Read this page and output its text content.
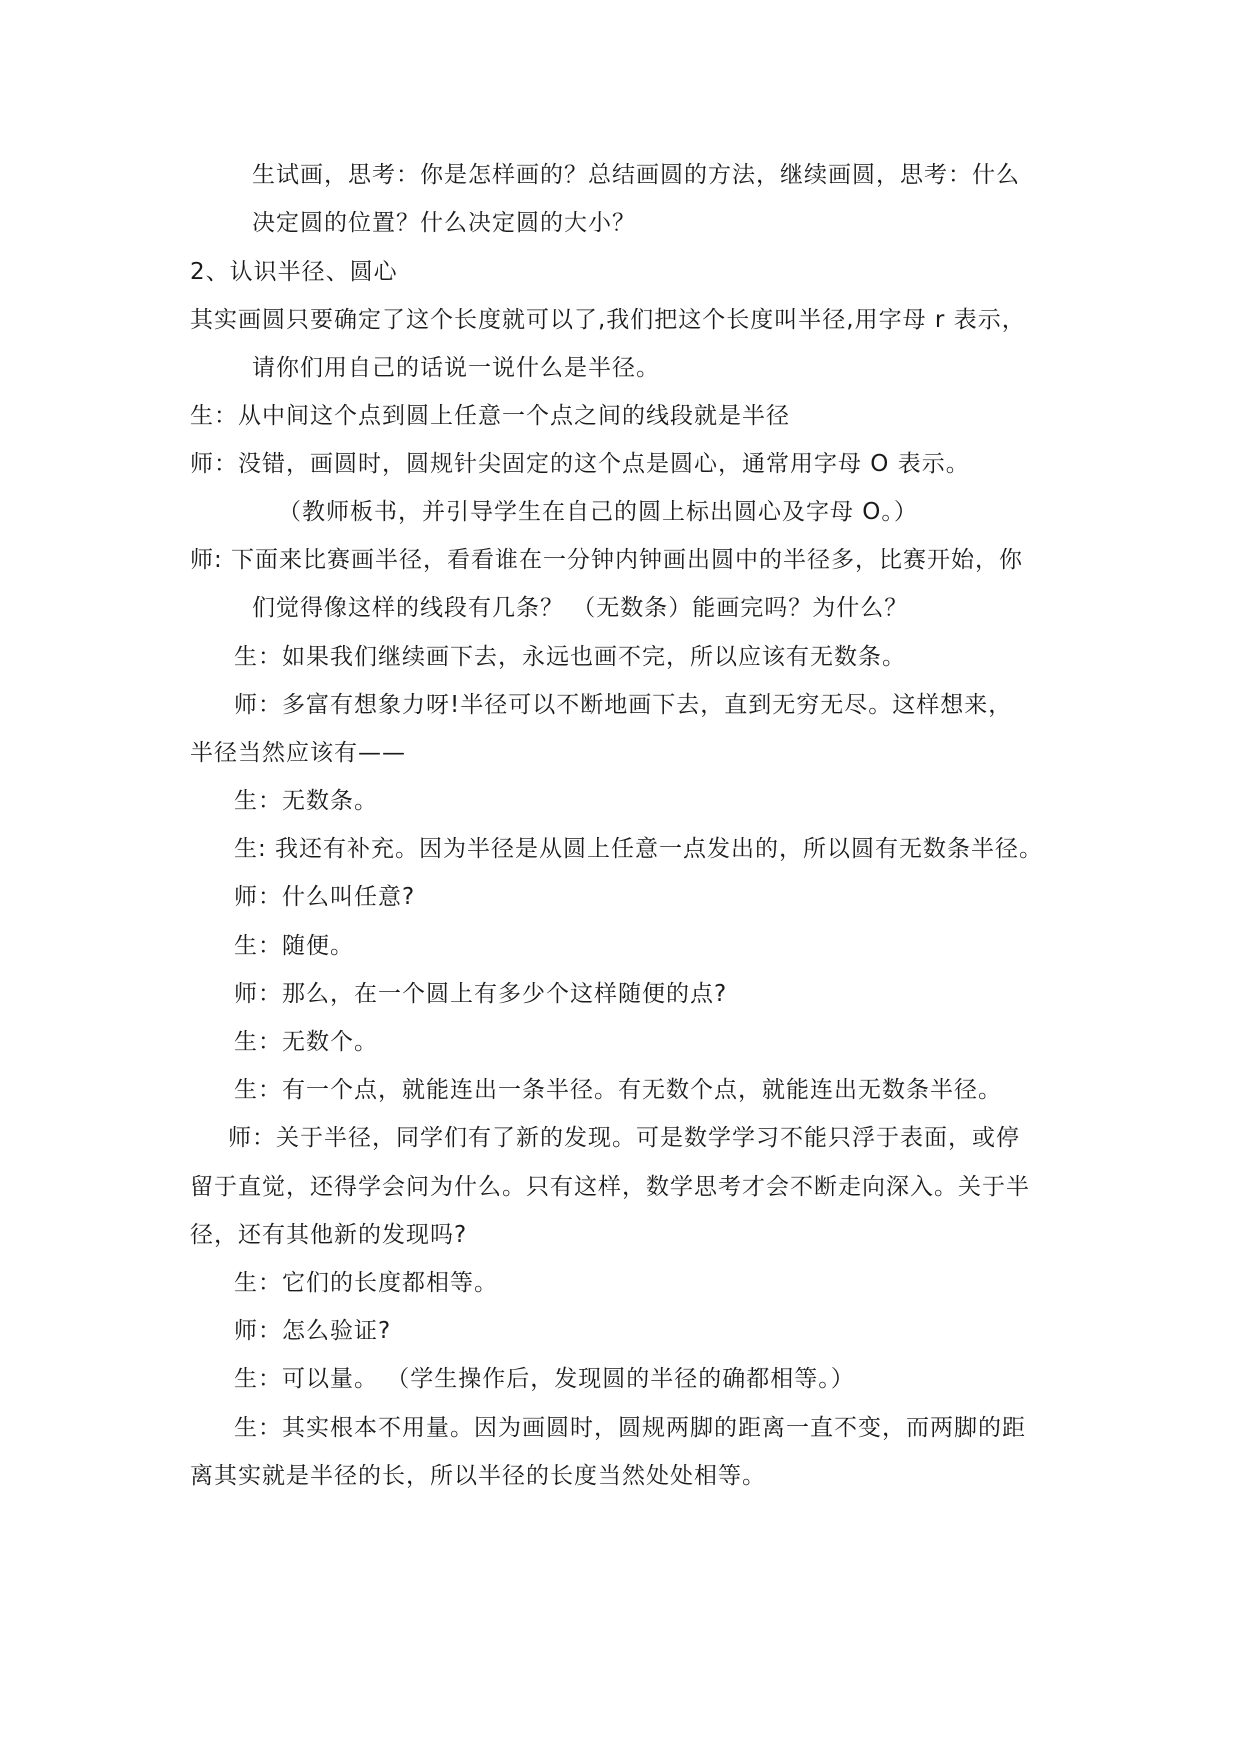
生试画，思考：你是怎样画的？总结画圆的方法，继续画圆，思考：什么
决定圆的位置？什么决定圆的大小？
2、认识半径、圆心
其实画圆只要确定了这个长度就可以了,我们把这个长度叫半径,用字母 r 表示，
请你们用自己的话说一说什么是半径。
生：从中间这个点到圆上任意一个点之间的线段就是半径
师：没错，画圆时，圆规针尖固定的这个点是圆心，通常用字母 O 表示。
（教师板书，并引导学生在自己的圆上标出圆心及字母 O。）
师: 下面来比赛画半径，看看谁在一分钟内钟画出圆中的半径多，比赛开始，你
们觉得像这样的线段有几条？ （无数条）能画完吗？为什么？
生：如果我们继续画下去，永远也画不完，所以应该有无数条。
师：多富有想象力呀!半径可以不断地画下去，直到无穷无尽。这样想来，
半径当然应该有——
生：无数条。
生: 我还有补充。因为半径是从圆上任意一点发出的，所以圆有无数条半径。
师：什么叫任意?
生：随便。
师：那么，在一个圆上有多少个这样随便的点?
生：无数个。
生：有一个点，就能连出一条半径。有无数个点，就能连出无数条半径。
师：关于半径，同学们有了新的发现。可是数学学习不能只浮于表面，或停
留于直觉，还得学会问为什么。只有这样，数学思考才会不断走向深入。关于半
径，还有其他新的发现吗?
生：它们的长度都相等。
师：怎么验证?
生：可以量。 （学生操作后，发现圆的半径的确都相等。）
生：其实根本不用量。因为画圆时，圆规两脚的距离一直不变，而两脚的距
离其实就是半径的长，所以半径的长度当然处处相等。
